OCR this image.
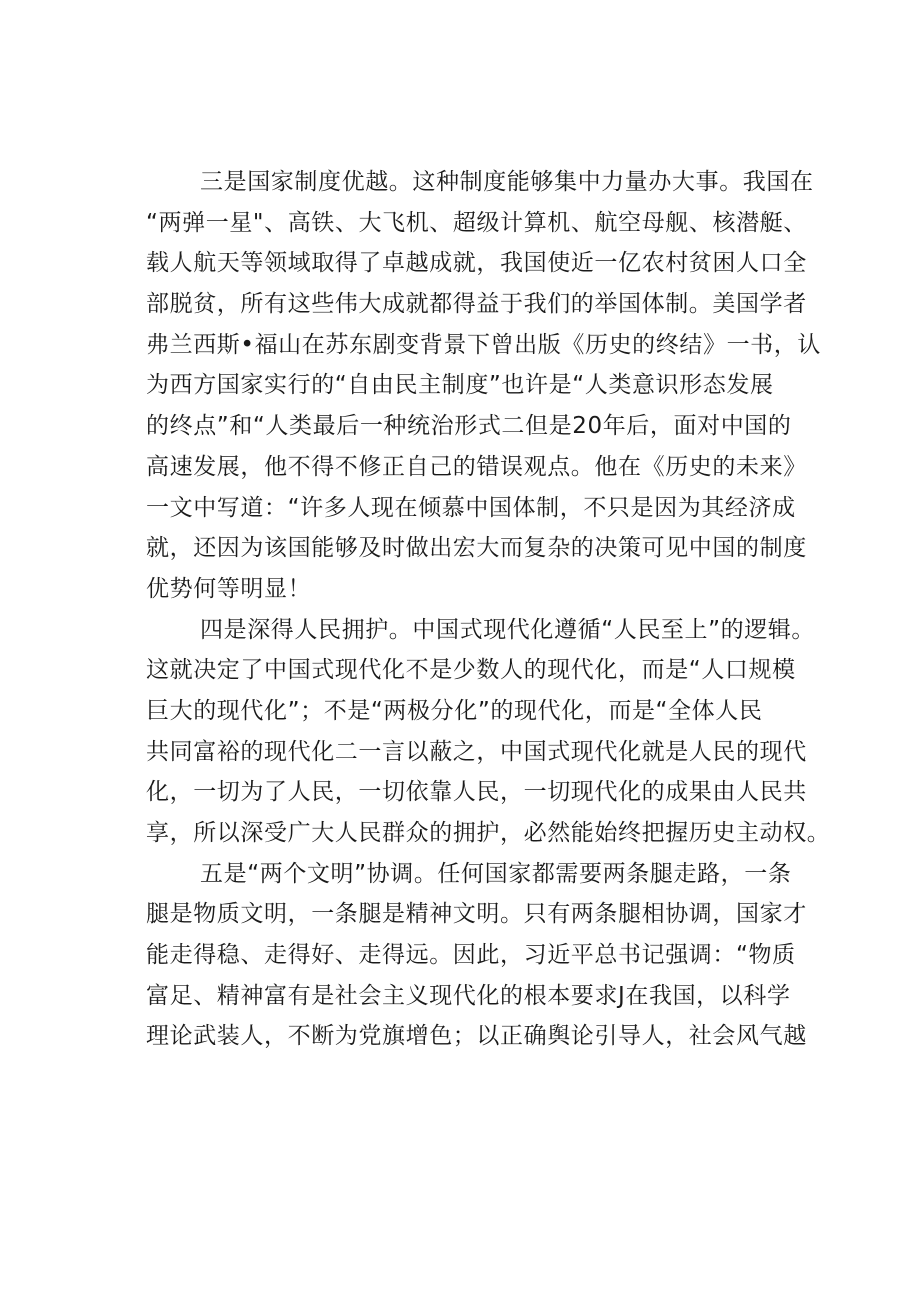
三是国家制度优越。这种制度能够集中力量办大事。我国在
“两弹一星"、高铁、大飞机、超级计算机、航空母舰、核潜艇、
载人航天等领域取得了卓越成就，我国使近一亿农村贫困人口全
部脱贫，所有这些伟大成就都得益于我们的举国体制。美国学者
弗兰西斯•福山在苏东剧变背景下曾出版《历史的终结》一书，认
为西方国家实行的“自由民主制度”也许是“人类意识形态发展
的终点”和“人类最后一种统治形式二但是20年后，面对中国的
高速发展，他不得不修正自己的错误观点。他在《历史的未来》
一文中写道：“许多人现在倾慕中国体制，不只是因为其经济成
就，还因为该国能够及时做出宏大而复杂的决策可见中国的制度
优势何等明显！
四是深得人民拥护。中国式现代化遵循“人民至上”的逻辑。
这就决定了中国式现代化不是少数人的现代化，而是“人口规模
巨大的现代化”；不是“两极分化”的现代化，而是“全体人民
共同富裕的现代化二一言以蔽之，中国式现代化就是人民的现代
化，一切为了人民，一切依靠人民，一切现代化的成果由人民共
享，所以深受广大人民群众的拥护，必然能始终把握历史主动权。
五是“两个文明”协调。任何国家都需要两条腿走路，一条
腿是物质文明，一条腿是精神文明。只有两条腿相协调，国家才
能走得稳、走得好、走得远。因此，习近平总书记强调：“物质
富足、精神富有是社会主义现代化的根本要求J在我国，以科学
理论武装人，不断为党旗增色；以正确舆论引导人，社会风气越
